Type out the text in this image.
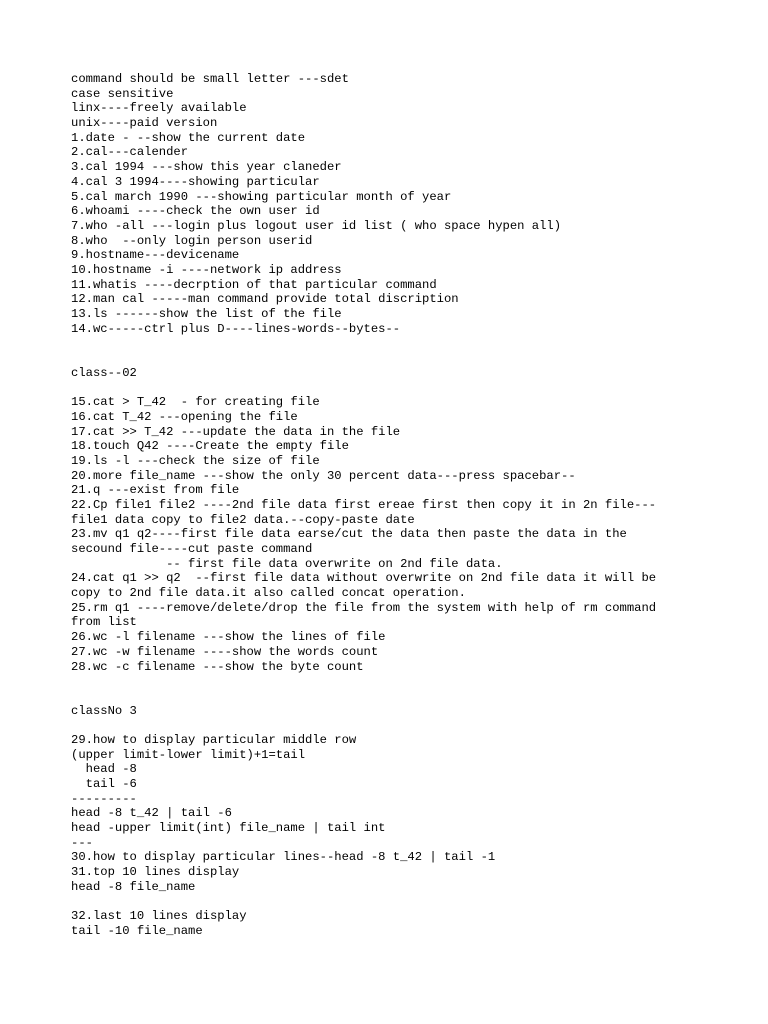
command should be small letter ---sdet
case sensitive
linx----freely available
unix----paid version
1.date - --show the current date
2.cal---calender
3.cal 1994 ---show this year claneder
4.cal 3 1994----showing particular
5.cal march 1990 ---showing particular month of year
6.whoami ----check the own user id
7.who -all ---login plus logout user id list ( who space hypen all)
8.who  --only login person userid
9.hostname---devicename
10.hostname -i ----network ip address
11.whatis ----decrption of that particular command
12.man cal -----man command provide total discription
13.ls ------show the list of the file
14.wc-----ctrl plus D----lines-words--bytes--
class--02
15.cat > T_42  - for creating file
16.cat T_42 ---opening the file
17.cat >> T_42 ---update the data in the file
18.touch Q42 ----Create the empty file
19.ls -l ---check the size of file
20.more file_name ---show the only 30 percent data---press spacebar--
21.q ---exist from file
22.Cp file1 file2 ----2nd file data first ereae first then copy it in 2n file---
file1 data copy to file2 data.--copy-paste date
23.mv q1 q2----first file data earse/cut the data then paste the data in the
secound file----cut paste command
-- first file data overwrite on 2nd file data.
24.cat q1 >> q2  --first file data without overwrite on 2nd file data it will be
copy to 2nd file data.it also called concat operation.
25.rm q1 ----remove/delete/drop the file from the system with help of rm command
from list
26.wc -l filename ---show the lines of file
27.wc -w filename ----show the words count
28.wc -c filename ---show the byte count
classNo 3
29.how to display particular middle row
(upper limit-lower limit)+1=tail
head -8
tail -6
---------
head -8 t_42 | tail -6
head -upper limit(int) file_name | tail int
---
30.how to display particular lines--head -8 t_42 | tail -1
31.top 10 lines display
head -8 file_name
32.last 10 lines display
tail -10 file_name
